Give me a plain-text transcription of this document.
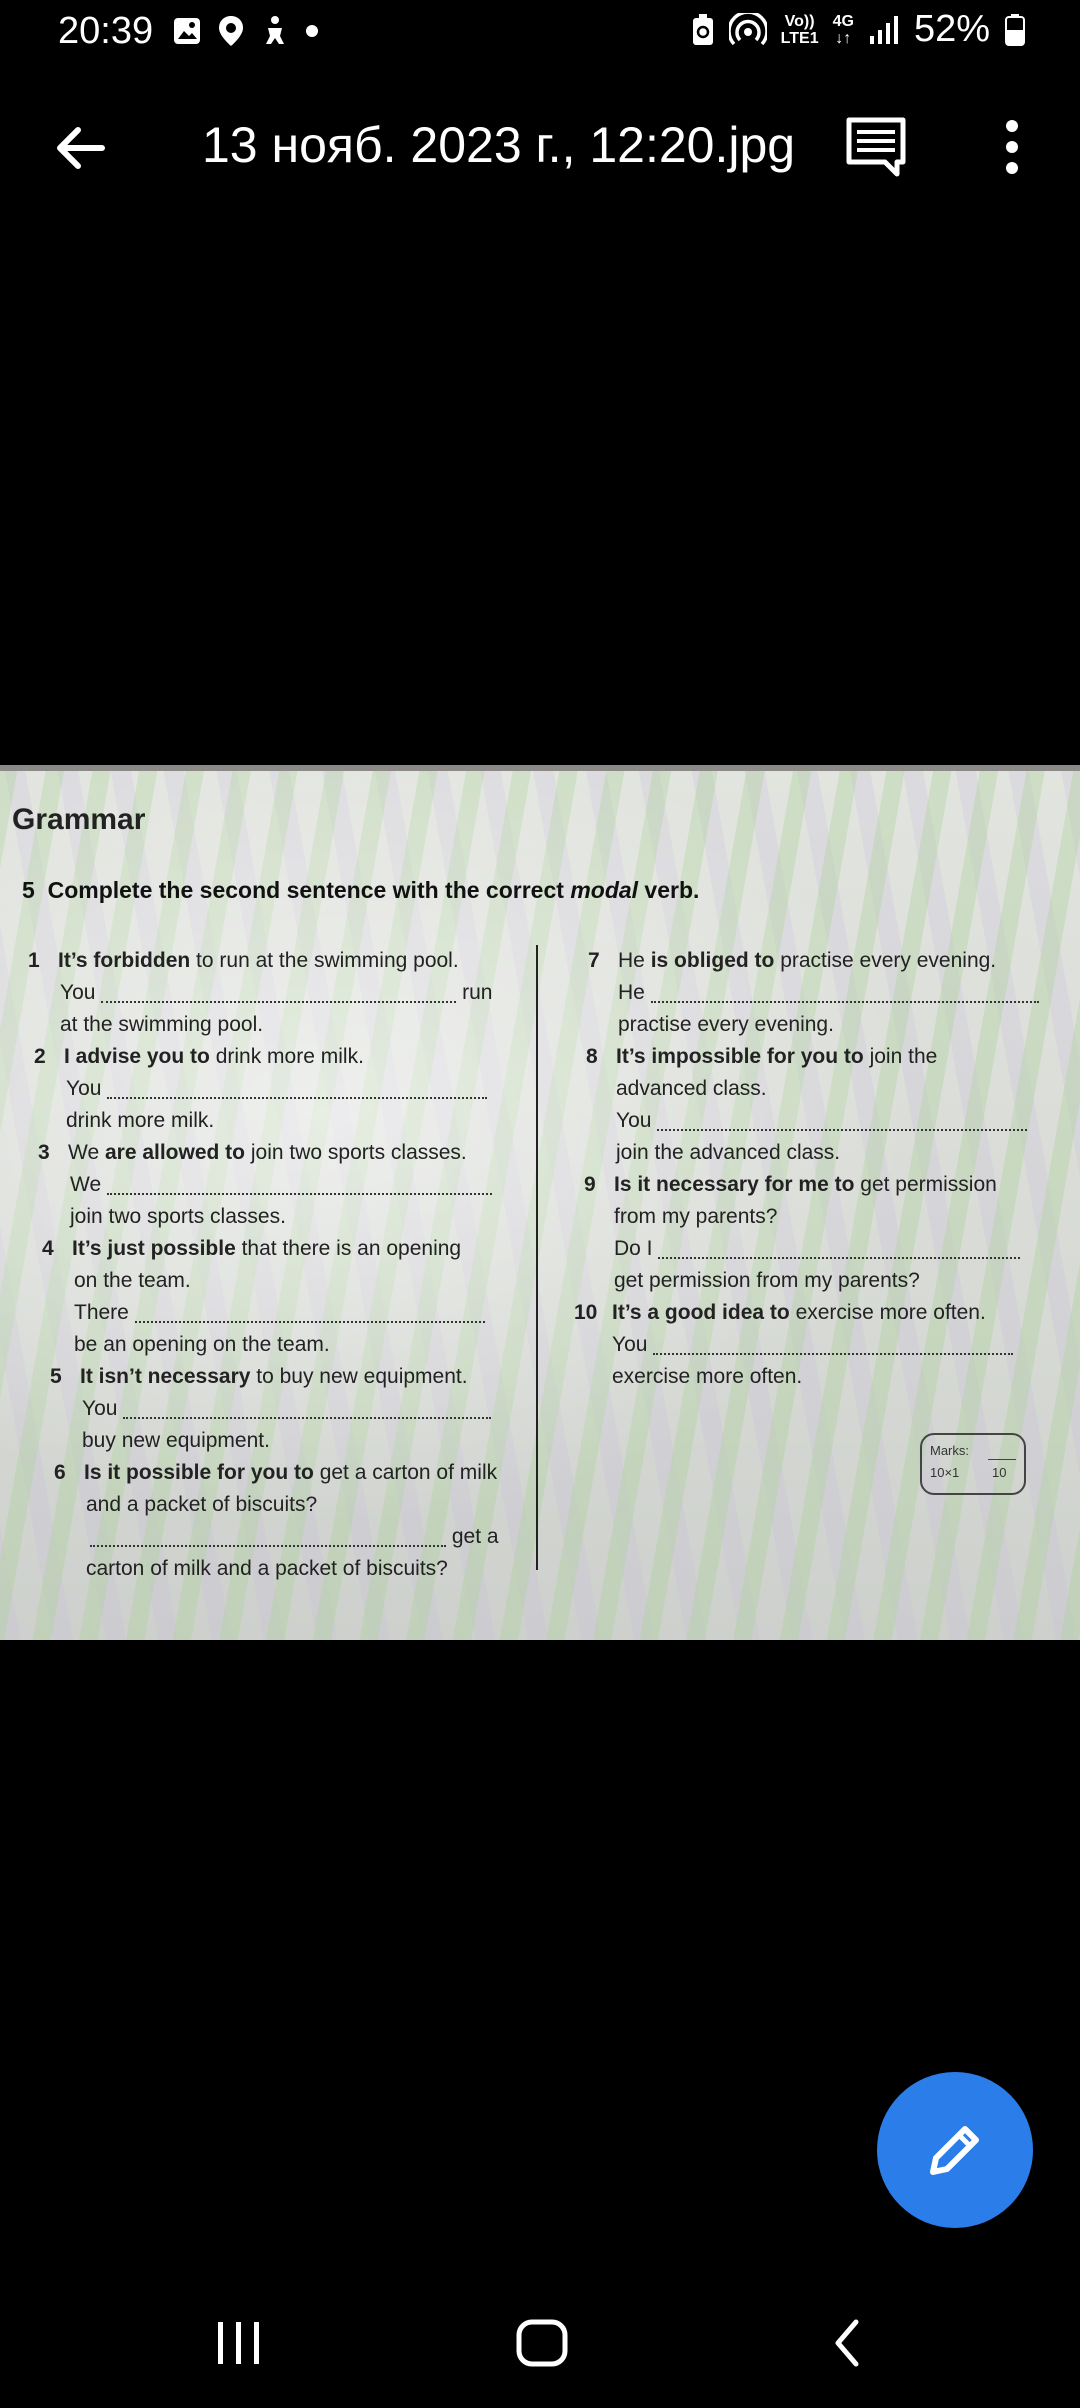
20:39	Vo))
LTE1
4G
↓↑ 52%
13 нояб. 2023 г., 12:20.jpg
Grammar
5 Complete the second sentence with the correct modal verb.
1 It’s forbidden to run at the swimming pool.
You	run
at the swimming pool.
2 I advise you to drink more milk.
You
drink more milk.
3 We are allowed to join two sports classes.
We
join two sports classes.
4 It’s just possible that there is an opening
on the team.
There
be an opening on the team.
5 It isn’t necessary to buy new equipment.
You
buy new equipment.
6 Is it possible for you to get a carton of milk
and a packet of biscuits?
get a
carton of milk and a packet of biscuits?
7 He is obliged to practise every evening.
He
practise every evening.
8 It’s impossible for you to join the
advanced class.
You
join the advanced class.
9 Is it necessary for me to get permission
from my parents?
Do I
get permission from my parents?
10 It’s a good idea to exercise more often.
You
exercise more often.
Marks:
10×1	10
